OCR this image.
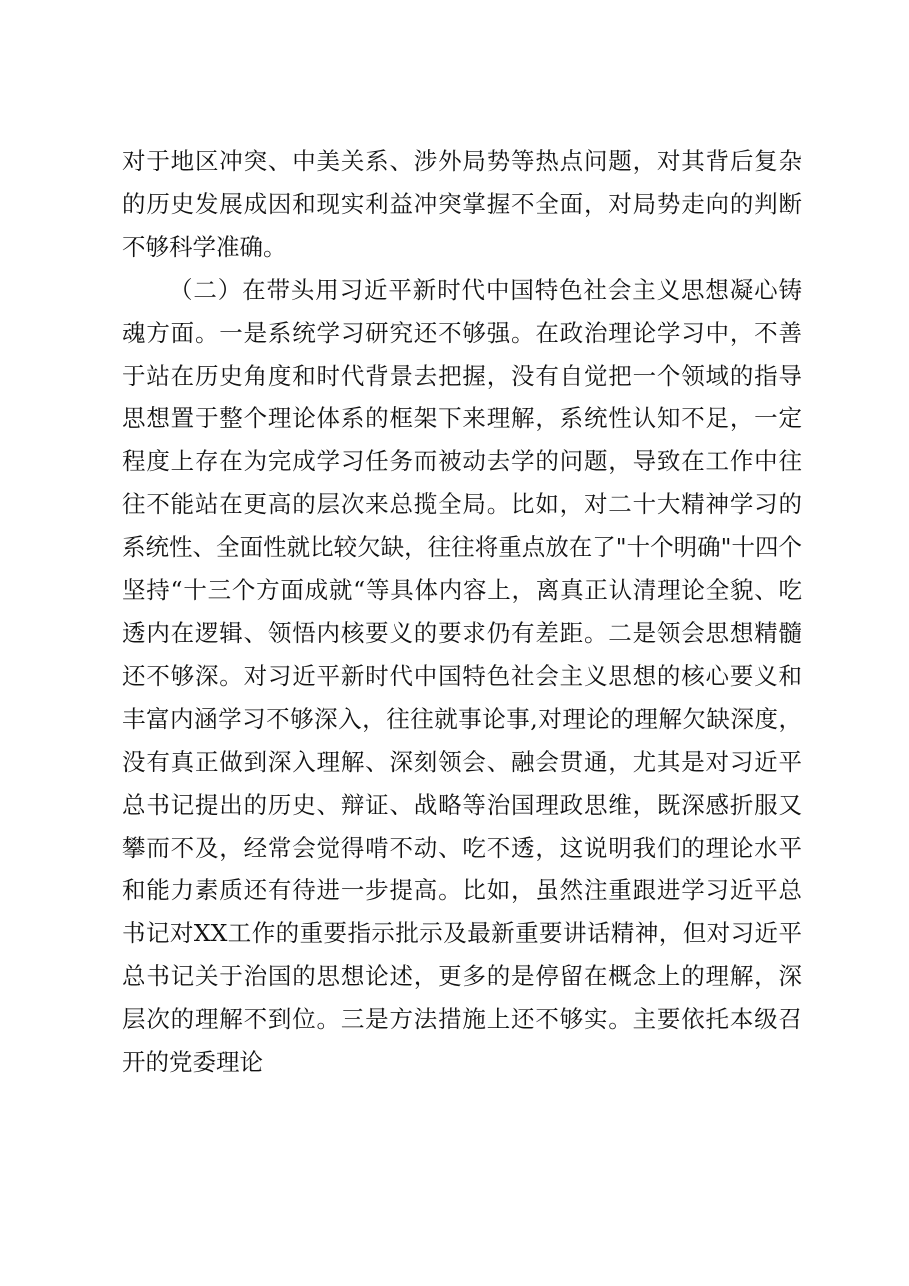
对于地区冲突、中美关系、涉外局势等热点问题，对其背后复杂的历史发展成因和现实利益冲突掌握不全面，对局势走向的判断不够科学准确。

（二）在带头用习近平新时代中国特色社会主义思想凝心铸魂方面。一是系统学习研究还不够强。在政治理论学习中，不善于站在历史角度和时代背景去把握，没有自觉把一个领域的指导思想置于整个理论体系的框架下来理解，系统性认知不足，一定程度上存在为完成学习任务而被动去学的问题，导致在工作中往往不能站在更高的层次来总揽全局。比如，对二十大精神学习的系统性、全面性就比较欠缺，往往将重点放在了"十个明确"十四个坚持“十三个方面成就“等具体内容上，离真正认清理论全貌、吃透内在逻辑、领悟内核要义的要求仍有差距。二是领会思想精髓还不够深。对习近平新时代中国特色社会主义思想的核心要义和丰富内涵学习不够深入，往往就事论事,对理论的理解欠缺深度，没有真正做到深入理解、深刻领会、融会贯通，尤其是对习近平总书记提出的历史、辩证、战略等治国理政思维，既深感折服又攀而不及，经常会觉得啃不动、吃不透，这说明我们的理论水平和能力素质还有待进一步提高。比如，虽然注重跟进学习近平总书记对XX工作的重要指示批示及最新重要讲话精神，但对习近平总书记关于治国的思想论述，更多的是停留在概念上的理解，深层次的理解不到位。三是方法措施上还不够实。主要依托本级召开的党委理论
